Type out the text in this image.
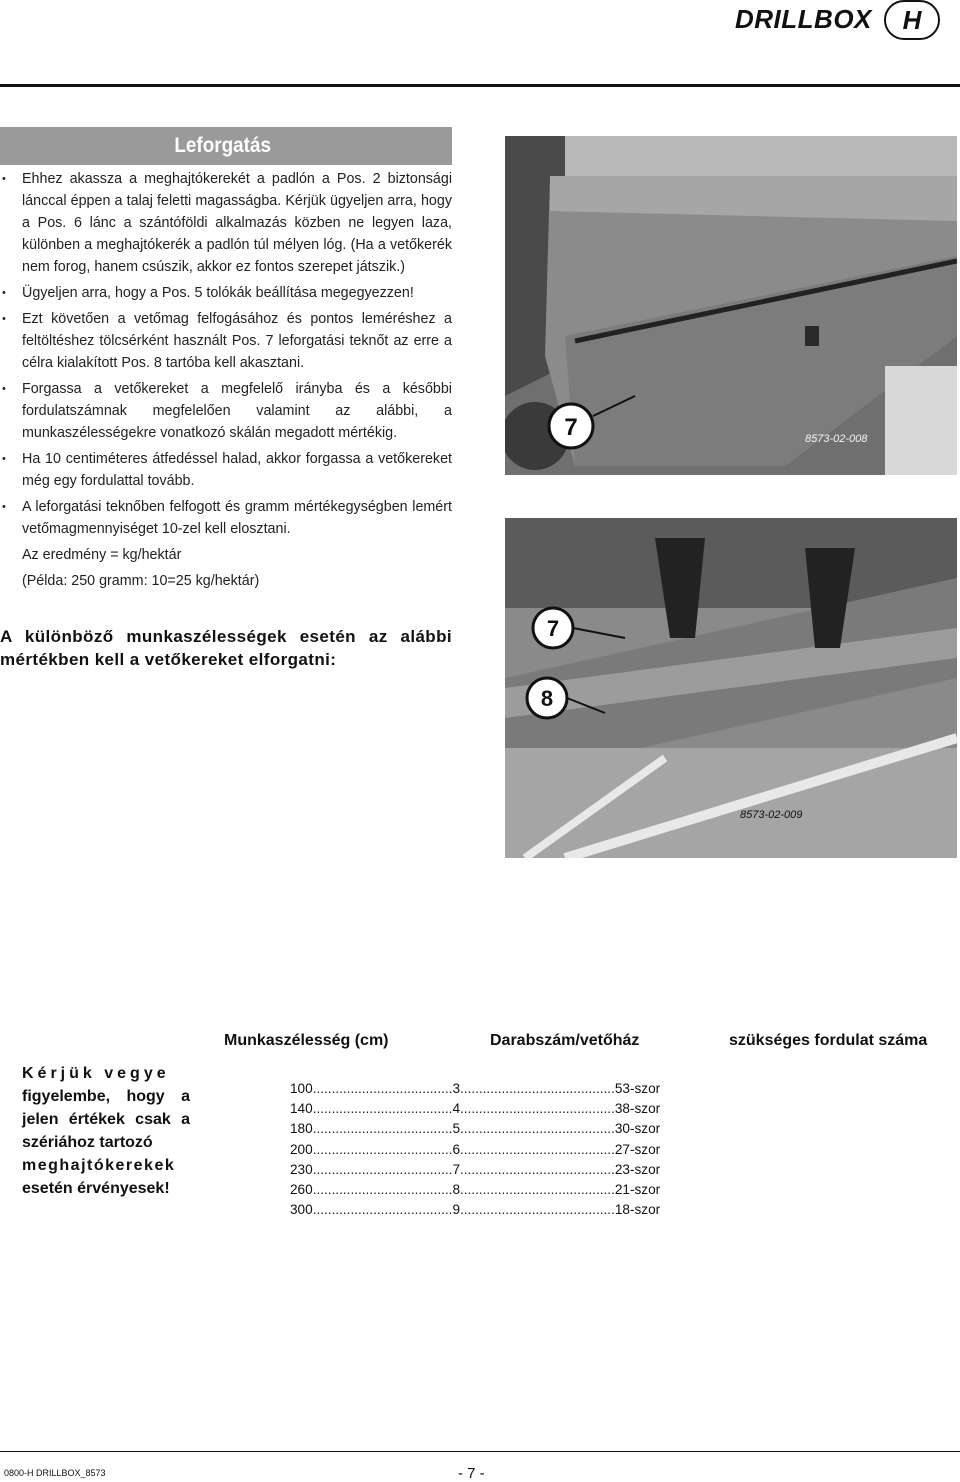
DRILLBOX	H
Leforgatás
• Ehhez akassza a meghajtókerekét a padlón a Pos. 2 biztonsági lánccal éppen a talaj feletti magasságba. Kérjük ügyeljen arra, hogy a Pos. 6 lánc a szántóföldi alkalmazás közben ne legyen laza, különben a meghajtókerék a padlón túl mélyen lóg. (Ha a vetőkerék nem forog, hanem csúszik, akkor ez fontos szerepet játszik.)
• Ügyeljen arra, hogy a Pos. 5 tolókák beállítása megegyezzen!
• Ezt követően a vetőmag felfogásához és pontos leméréshez a feltöltéshez tölcsérként használt Pos. 7 leforgatási teknőt az erre a célra kialakított Pos. 8 tartóba kell akasztani.
• Forgassa a vetőkereket a megfelelő irányba és a későbbi fordulatszámnak megfelelően valamint az alábbi, a munkaszélességekre vonatkozó skálán megadott mértékig.
• Ha 10 centiméteres átfedéssel halad, akkor forgassa a vetőkereket még egy fordulattal tovább.
• A leforgatási teknőben felfogott és gramm mértékegységben lemért vetőmagmennyiséget 10-zel kell elosztani.
Az eredmény = kg/hektár
(Példa: 250 gramm: 10=25 kg/hektár)
7	8573-02-008
7
8
8573-02-009
A különböző munkaszélességek esetén az alábbi mértékben kell a vetőkereket elforgatni:
Munkaszélesség (cm)	Darabszám/vetőház	szükséges fordulat száma
Kérjük vegye
figyelembe, hogy a jelen értékek csak a szériához tartozó
meghajtókerekek
esetén érvényesek!
100	.....................................	3	.........................................	53-szor
140	.....................................	4	.........................................	38-szor
180	.....................................	5	.........................................	30-szor
200	.....................................	6	.........................................	27-szor
230	.....................................	7	.........................................	23-szor
260	.....................................	8	.........................................	21-szor
300	.....................................	9	.........................................	18-szor
0800-H DRILLBOX_8573	- 7 -
